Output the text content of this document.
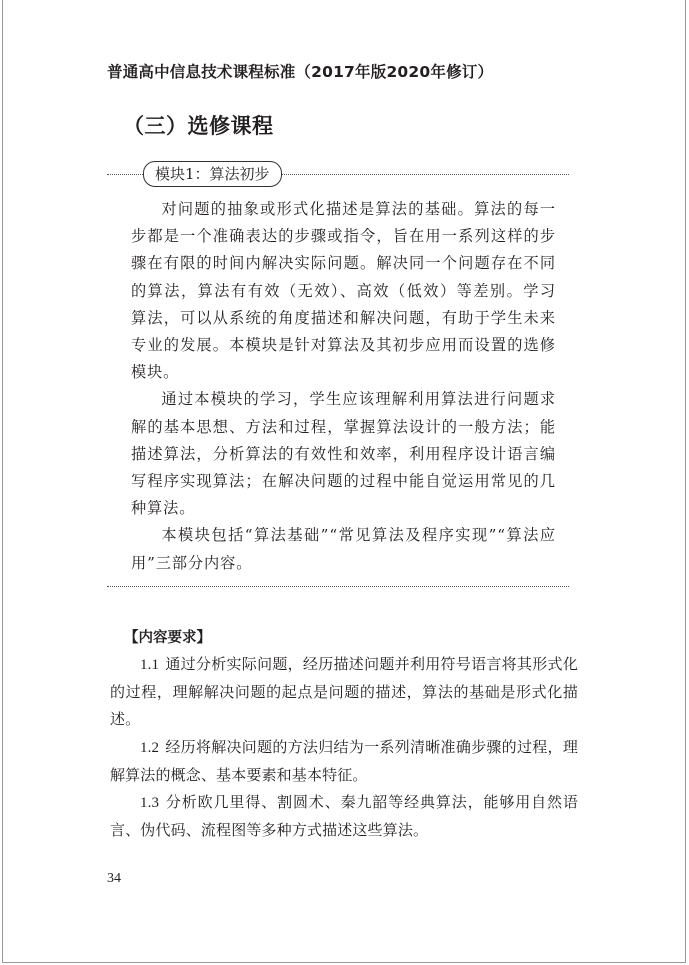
普通高中信息技术课程标准（2017年版2020年修订）
（三）选修课程
模块1：算法初步

对问题的抽象或形式化描述是算法的基础。算法的每一步都是一个准确表达的步骤或指令，旨在用一系列这样的步骤在有限的时间内解决实际问题。解决同一个问题存在不同的算法，算法有有效（无效）、高效（低效）等差别。学习算法，可以从系统的角度描述和解决问题，有助于学生未来专业的发展。本模块是针对算法及其初步应用而设置的选修模块。

通过本模块的学习，学生应该理解利用算法进行问题求解的基本思想、方法和过程，掌握算法设计的一般方法；能描述算法，分析算法的有效性和效率，利用程序设计语言编写程序实现算法；在解决问题的过程中能自觉运用常见的几种算法。

本模块包括“算法基础”“常见算法及程序实现”“算法应用”三部分内容。

【内容要求】

1.1 通过分析实际问题，经历描述问题并利用符号语言将其形式化的过程，理解解决问题的起点是问题的描述，算法的基础是形式化描述。

1.2 经历将解决问题的方法归结为一系列清晰准确步骤的过程，理解算法的概念、基本要素和基本特征。

1.3 分析欧几里得、割圆术、秦九韶等经典算法，能够用自然语言、伪代码、流程图等多种方式描述这些算法。

34
